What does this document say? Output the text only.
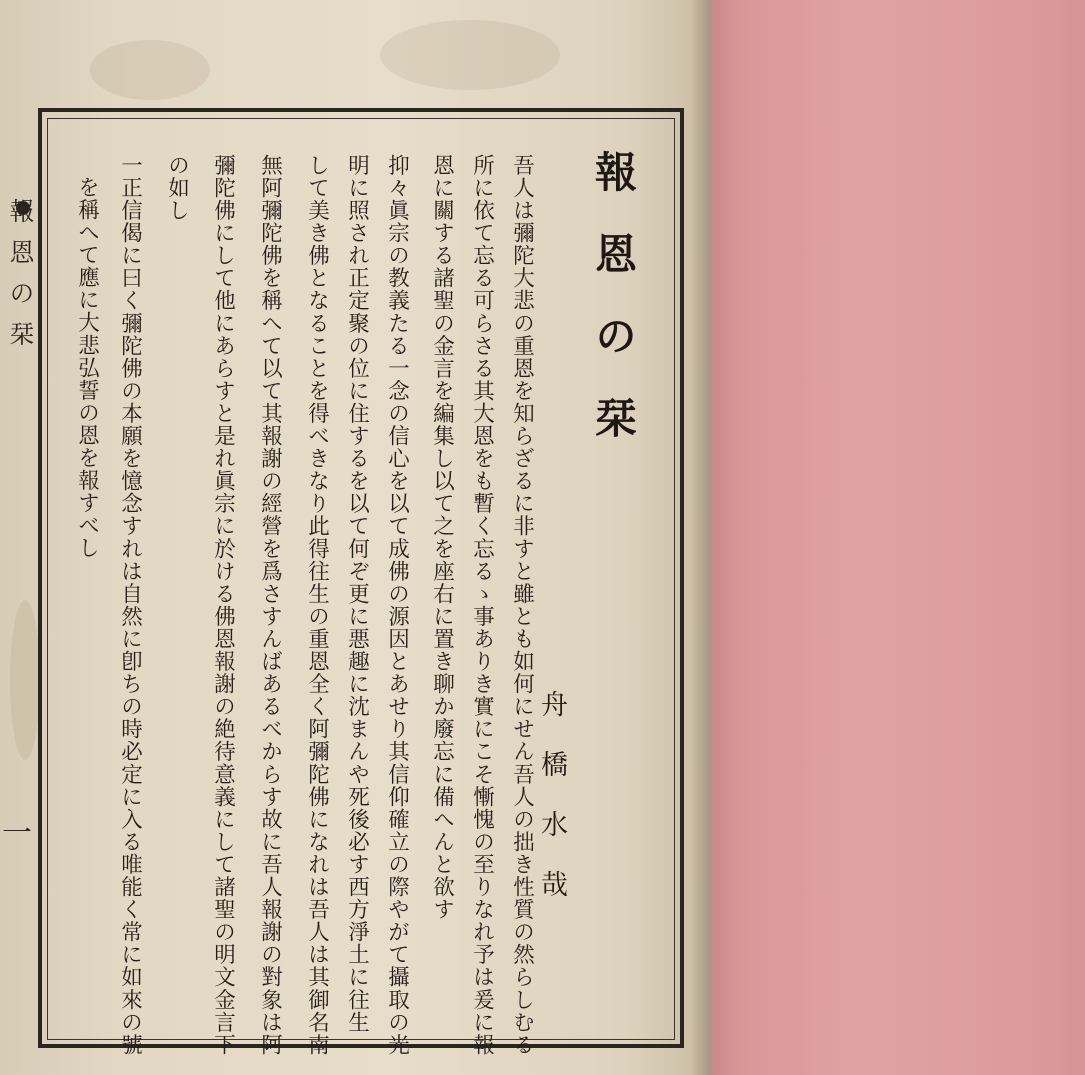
報恩の栞
一
報恩の栞
舟橋水哉
吾人は彌陀大悲の重恩を知らざるに非すと雖とも如何にせん吾人の拙き性質の然らしむる
所に依て忘る可らさる其大恩をも暫く忘るゝ事ありき實にこそ慚愧の至りなれ予は爰に報
恩に關する諸聖の金言を編集し以て之を座右に置き聊か廢忘に備へんと欲す
抑々眞宗の教義たる一念の信心を以て成佛の源因とあせり其信仰確立の際やがて攝取の光
明に照され正定聚の位に住するを以て何ぞ更に悪趣に沈まんや死後必す西方淨土に往生
して美き佛となることを得べきなり此得往生の重恩全く阿彌陀佛になれは吾人は其御名南
無阿彌陀佛を稱へて以て其報謝の經營を爲さすんばあるべからす故に吾人報謝の對象は阿
彌陀佛にして他にあらすと是れ眞宗に於ける佛恩報謝の絶待意義にして諸聖の明文金言下
の如し
一正信偈に曰く彌陀佛の本願を憶念すれは自然に卽ちの時必定に入る唯能く常に如來の號
を稱へて應に大悲弘誓の恩を報すべし
